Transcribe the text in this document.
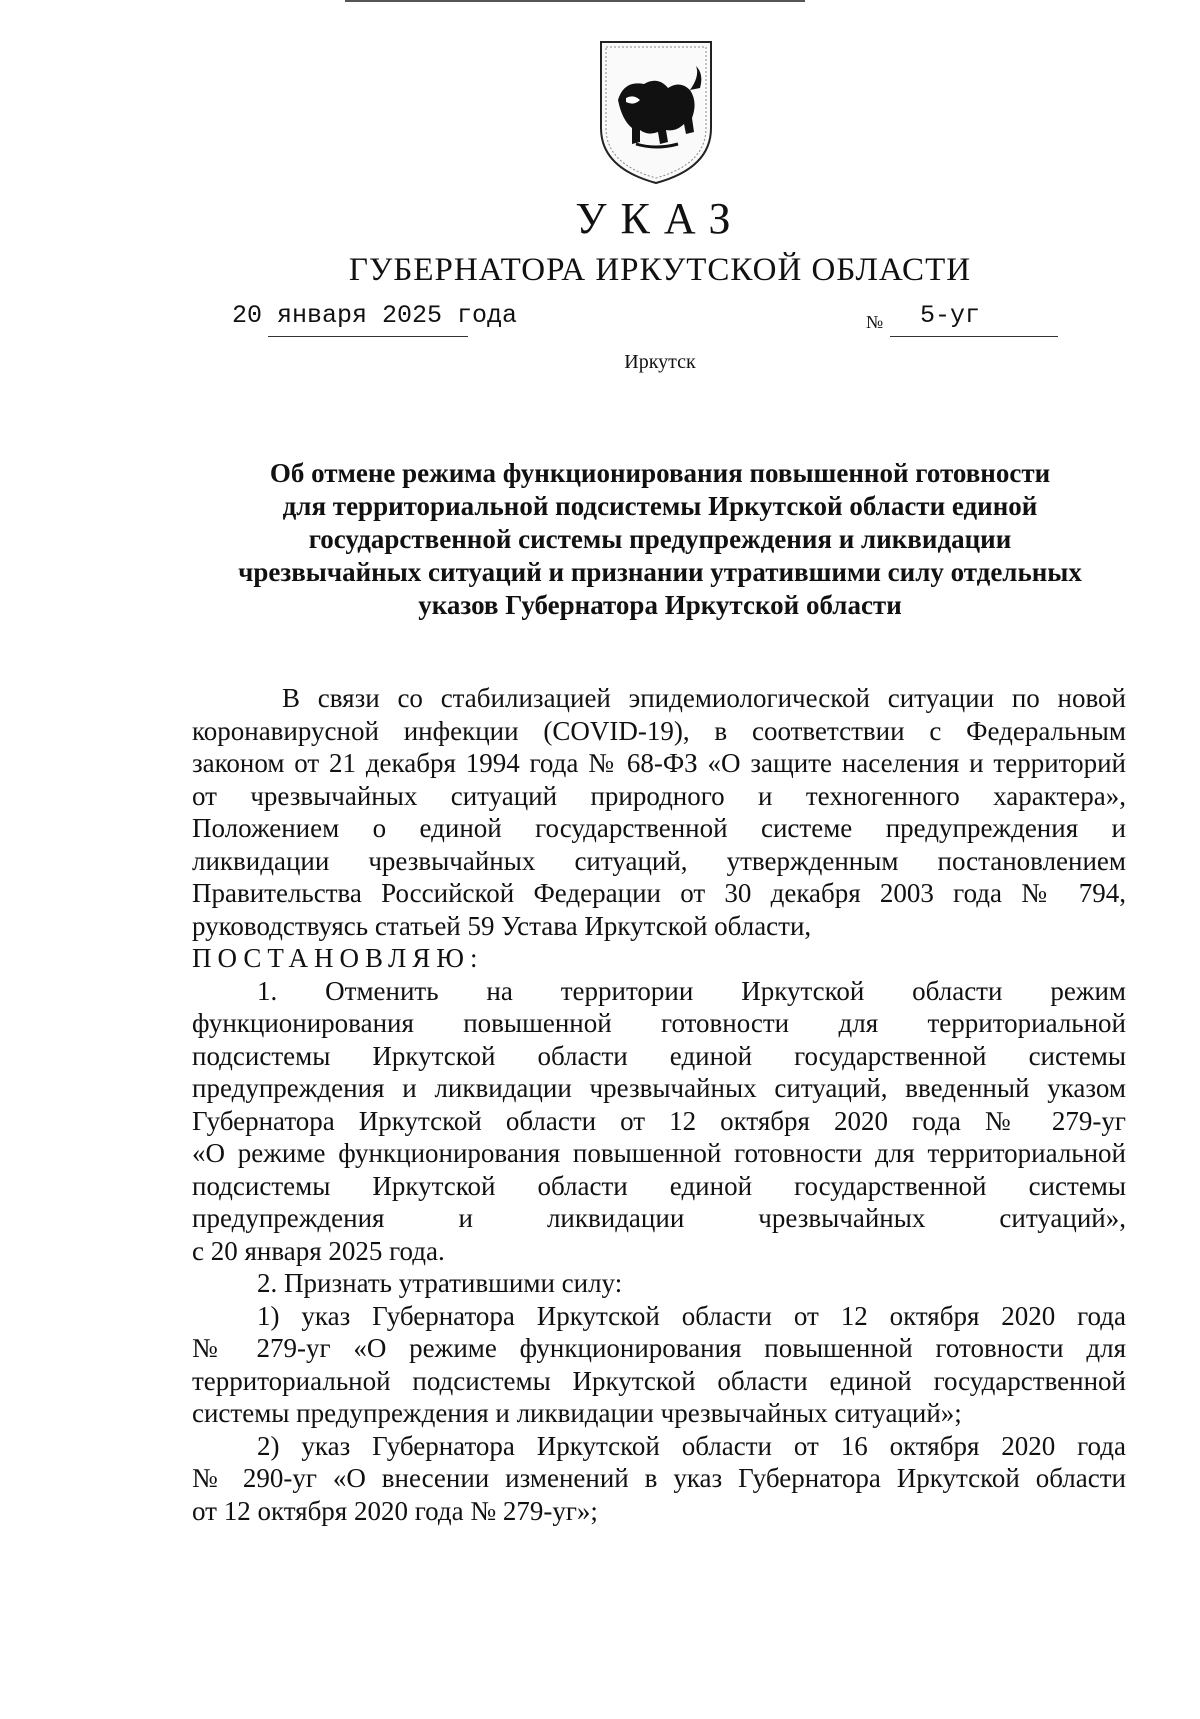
УКАЗ
ГУБЕРНАТОРА ИРКУТСКОЙ ОБЛАСТИ
20 января 2025 года	№ 5-уг
Иркутск
Об отмене режима функционирования повышенной готовности
для территориальной подсистемы Иркутской области единой
государственной системы предупреждения и ликвидации
чрезвычайных ситуаций и признании утратившими силу отдельных
указов Губернатора Иркутской области
В связи со стабилизацией эпидемиологической ситуации по новой
коронавирусной инфекции (COVID-19), в соответствии с Федеральным
законом от 21 декабря 1994 года № 68-ФЗ «О защите населения и территорий
от чрезвычайных ситуаций природного и техногенного характера»,
Положением о единой государственной системе предупреждения и
ликвидации чрезвычайных ситуаций, утвержденным постановлением
Правительства Российской Федерации от 30 декабря 2003 года № 794,
руководствуясь статьей 59 Устава Иркутской области,
ПОСТАНОВЛЯЮ:
1. Отменить на территории Иркутской области режим
функционирования повышенной готовности для территориальной
подсистемы Иркутской области единой государственной системы
предупреждения и ликвидации чрезвычайных ситуаций, введенный указом
Губернатора Иркутской области от 12 октября 2020 года № 279-уг
«О режиме функционирования повышенной готовности для территориальной
подсистемы Иркутской области единой государственной системы
предупреждения и ликвидации чрезвычайных ситуаций»,
с 20 января 2025 года.
2. Признать утратившими силу:
1) указ Губернатора Иркутской области от 12 октября 2020 года
№ 279-уг «О режиме функционирования повышенной готовности для
территориальной подсистемы Иркутской области единой государственной
системы предупреждения и ликвидации чрезвычайных ситуаций»;
2) указ Губернатора Иркутской области от 16 октября 2020 года
№ 290-уг «О внесении изменений в указ Губернатора Иркутской области
от 12 октября 2020 года № 279-уг»;
